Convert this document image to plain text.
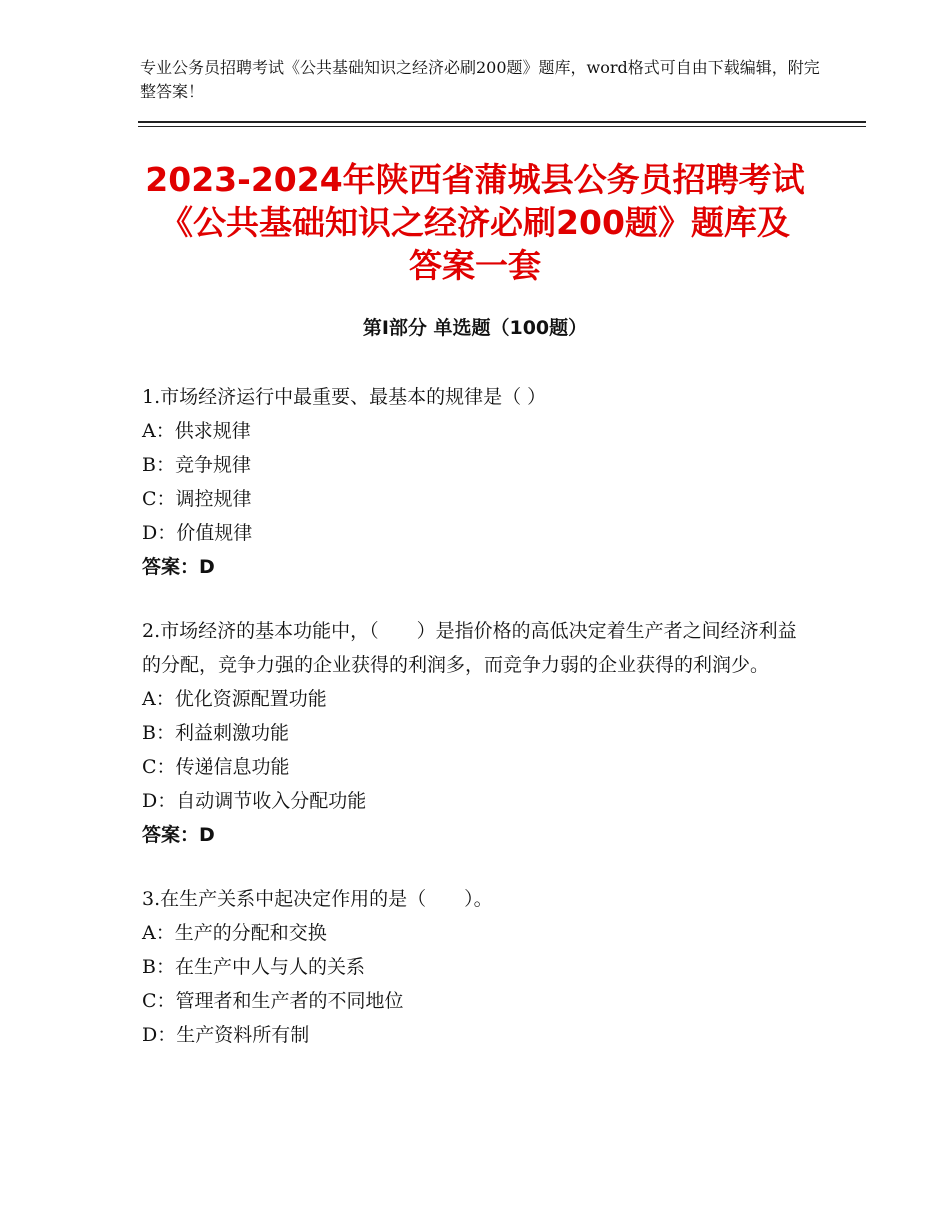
专业公务员招聘考试《公共基础知识之经济必刷200题》题库，word格式可自由下载编辑，附完整答案！
2023-2024年陕西省蒲城县公务员招聘考试
《公共基础知识之经济必刷200题》题库及
答案一套
第Ⅰ部分 单选题（100题）
1.市场经济运行中最重要、最基本的规律是（ ）
A：供求规律
B：竞争规律
C：调控规律
D：价值规律
答案：D
2.市场经济的基本功能中，（　　）是指价格的高低决定着生产者之间经济利益的分配，竞争力强的企业获得的利润多，而竞争力弱的企业获得的利润少。
A：优化资源配置功能
B：利益刺激功能
C：传递信息功能
D：自动调节收入分配功能
答案：D
3.在生产关系中起决定作用的是（　　）。
A：生产的分配和交换
B：在生产中人与人的关系
C：管理者和生产者的不同地位
D：生产资料所有制
